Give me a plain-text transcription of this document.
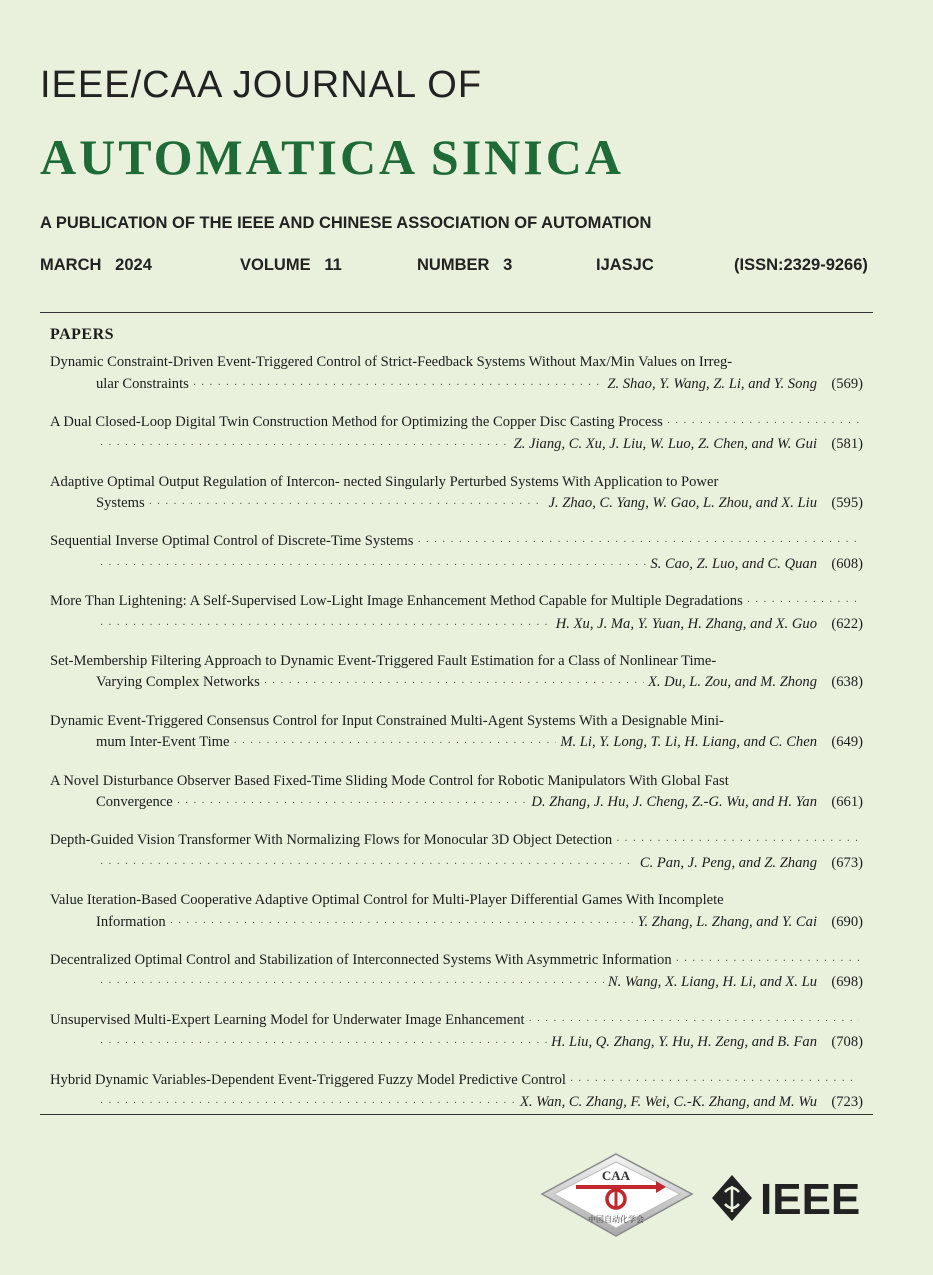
IEEE/CAA JOURNAL OF
AUTOMATICA SINICA
A PUBLICATION OF THE IEEE AND CHINESE ASSOCIATION OF AUTOMATION
MARCH   2024	VOLUME   11	NUMBER   3	IJASJC	(ISSN:2329-9266)
PAPERS
Dynamic Constraint-Driven Event-Triggered Control of Strict-Feedback Systems Without Max/Min Values on Irreg-
ular Constraints · · ·	Z. Shao, Y. Wang, Z. Li, and Y. Song (569)
A Dual Closed-Loop Digital Twin Construction Method for Optimizing the Copper Disc Casting Process
· · ·
· · ·
Z. Jiang, C. Xu, J. Liu, W. Luo, Z. Chen, and W. Gui (581)
Adaptive Optimal Output Regulation of Intercon- nected Singularly Perturbed Systems With Application to Power
Systems · · ·	J. Zhao, C. Yang, W. Gao, L. Zhou, and X. Liu (595)
Sequential Inverse Optimal Control of Discrete-Time Systems
· · ·
· · ·
S. Cao, Z. Luo, and C. Quan (608)
More Than Lightening: A Self-Supervised Low-Light Image Enhancement Method Capable for Multiple Degradations
· · ·
· · ·
H. Xu, J. Ma, Y. Yuan, H. Zhang, and X. Guo (622)
Set-Membership Filtering Approach to Dynamic Event-Triggered Fault Estimation for a Class of Nonlinear Time-
Varying Complex Networks · · ·	X. Du, L. Zou, and M. Zhong (638)
Dynamic Event-Triggered Consensus Control for Input Constrained Multi-Agent Systems With a Designable Mini-
mum Inter-Event Time · · ·	M. Li, Y. Long, T. Li, H. Liang, and C. Chen (649)
A Novel Disturbance Observer Based Fixed-Time Sliding Mode Control for Robotic Manipulators With Global Fast
Convergence · · ·	D. Zhang, J. Hu, J. Cheng, Z.-G. Wu, and H. Yan (661)
Depth-Guided Vision Transformer With Normalizing Flows for Monocular 3D Object Detection
· · ·
· · ·
C. Pan, J. Peng, and Z. Zhang (673)
Value Iteration-Based Cooperative Adaptive Optimal Control for Multi-Player Differential Games With Incomplete
Information · · ·	Y. Zhang, L. Zhang, and Y. Cai (690)
Decentralized Optimal Control and Stabilization of Interconnected Systems With Asymmetric Information
· · ·
· · ·
N. Wang, X. Liang, H. Li, and X. Lu (698)
Unsupervised Multi-Expert Learning Model for Underwater Image Enhancement
· · ·
· · ·
H. Liu, Q. Zhang, Y. Hu, H. Zeng, and B. Fan (708)
Hybrid Dynamic Variables-Dependent Event-Triggered Fuzzy Model Predictive Control
· · ·
· · ·
X. Wan, C. Zhang, F. Wei, C.-K. Zhang, and M. Wu (723)
CAA
中国自动化学会	IEEE
